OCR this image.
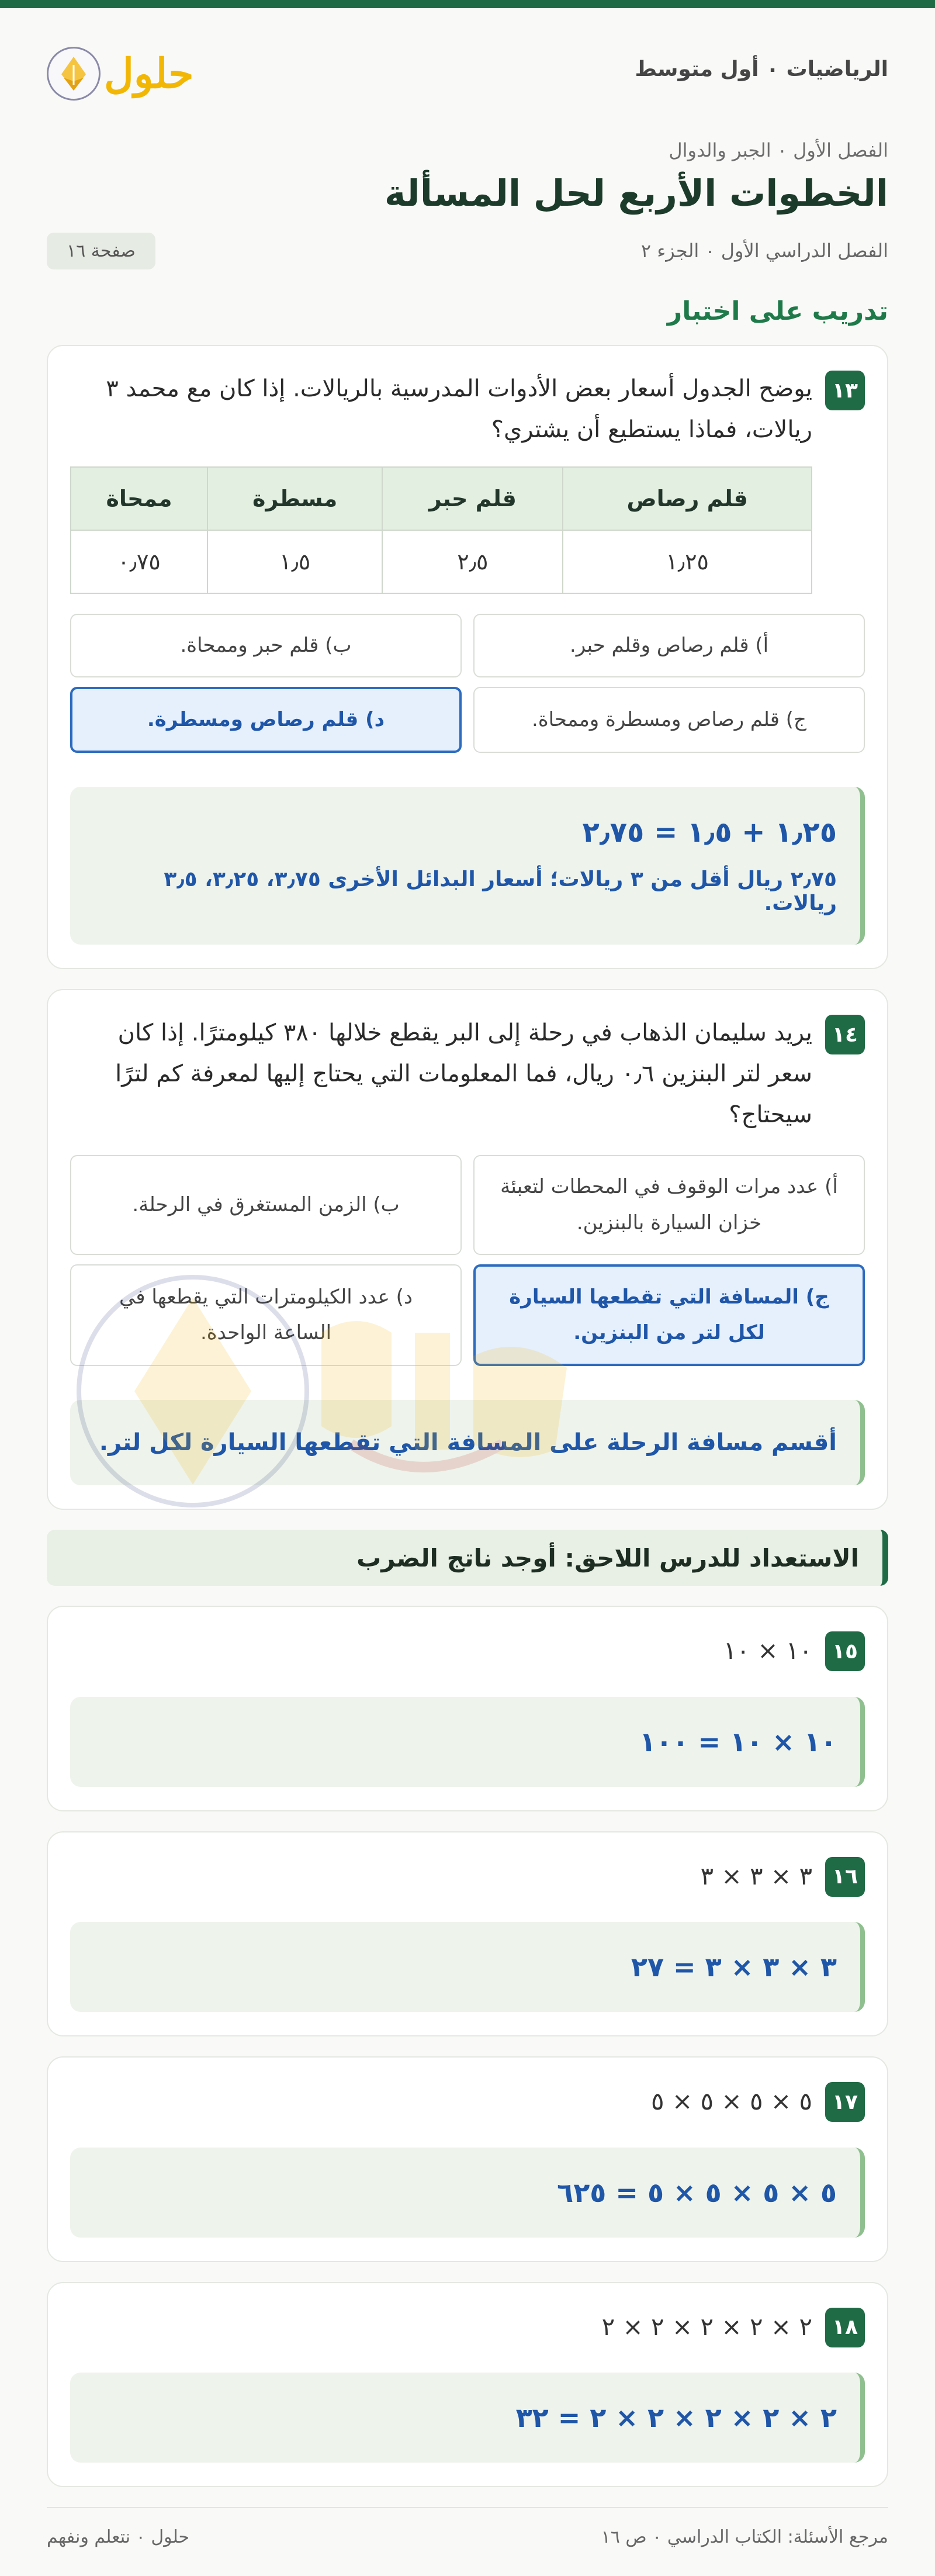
الرياضيات ٠ أول متوسط
حلول
الفصل الأول ٠ الجبر والدوال
الخطوات الأربع لحل المسألة
الفصل الدراسي الأول ٠ الجزء ٢
صفحة ١٦
تدريب على اختبار
١٣
يوضح الجدول أسعار بعض الأدوات المدرسية بالريالات. إذا كان مع محمد ٣ ريالات، فماذا يستطيع أن يشتري؟
قلم رصاص	قلم حبر	مسطرة	ممحاة
١٫٢٥	٢٫٥	١٫٥	٠٫٧٥
أ) قلم رصاص وقلم حبر.
ب) قلم حبر وممحاة.
ج) قلم رصاص ومسطرة وممحاة.
د) قلم رصاص ومسطرة.
١٫٢٥ + ١٫٥ = ٢٫٧٥
٢٫٧٥ ريال أقل من ٣ ريالات؛ أسعار البدائل الأخرى ٣٫٧٥، ٣٫٢٥، ٣٫٥ ريالات.
١٤
يريد سليمان الذهاب في رحلة إلى البر يقطع خلالها ٣٨٠ كيلومترًا. إذا كان سعر لتر البنزين ٠٫٦ ريال، فما المعلومات التي يحتاج إليها لمعرفة كم لترًا سيحتاج؟
أ) عدد مرات الوقوف في المحطات لتعبئة خزان السيارة بالبنزين.
ب) الزمن المستغرق في الرحلة.
ج) المسافة التي تقطعها السيارة لكل لتر من البنزين.
د) عدد الكيلومترات التي يقطعها في الساعة الواحدة.
أقسم مسافة الرحلة على المسافة التي تقطعها السيارة لكل لتر.
الاستعداد للدرس اللاحق: أوجد ناتج الضرب
١٥
١٠ × ١٠
١٠ × ١٠ = ١٠٠
١٦
٣ × ٣ × ٣
٣ × ٣ × ٣ = ٢٧
١٧
٥ × ٥ × ٥ × ٥
٥ × ٥ × ٥ × ٥ = ٦٢٥
١٨
٢ × ٢ × ٢ × ٢ × ٢
٢ × ٢ × ٢ × ٢ × ٢ = ٣٢
مرجع الأسئلة: الكتاب الدراسي ٠ ص ١٦
حلول ٠ نتعلم ونفهم
